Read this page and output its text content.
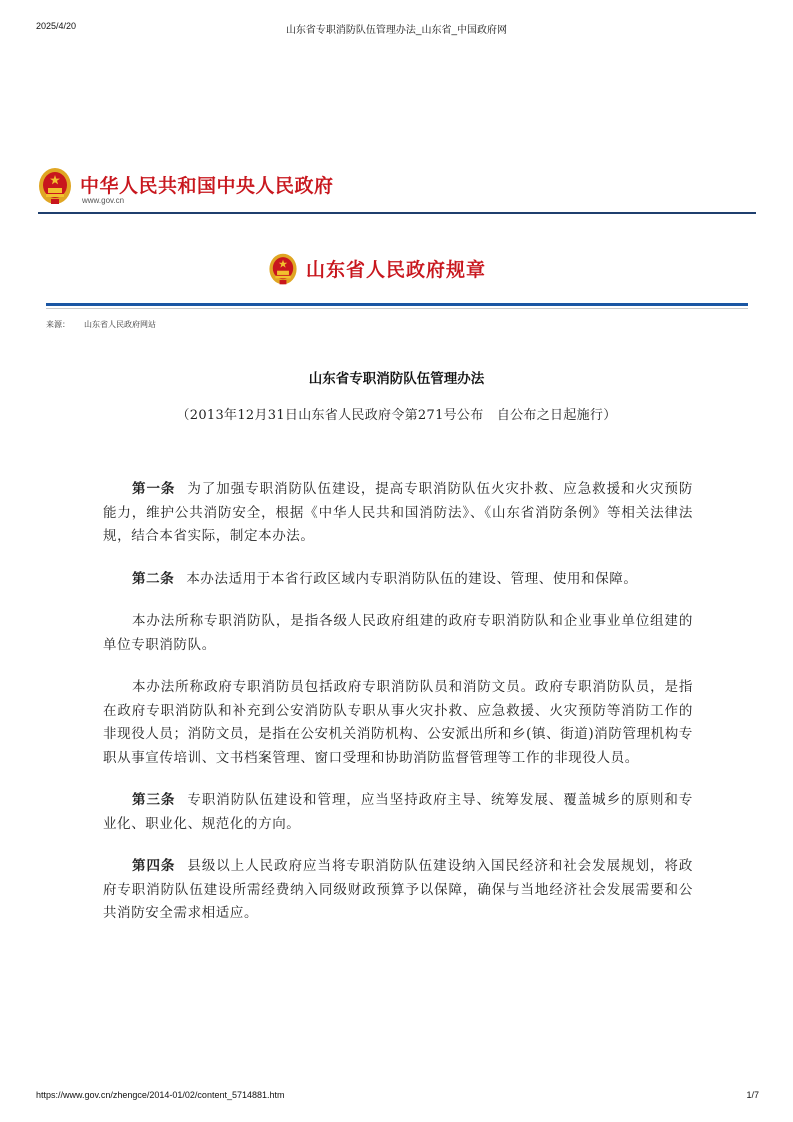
2025/4/20	山东省专职消防队伍管理办法_山东省_中国政府网
中华人民共和国中央人民政府
www.gov.cn
山东省人民政府规章
来源： 山东省人民政府网站
山东省专职消防队伍管理办法
（2013年12月31日山东省人民政府令第271号公布　自公布之日起施行）

第一条 为了加强专职消防队伍建设，提高专职消防队伍火灾扑救、应急救援和火灾预防能力，维护公共消防安全，根据《中华人民共和国消防法》、《山东省消防条例》等相关法律法规，结合本省实际，制定本办法。

第二条 本办法适用于本省行政区域内专职消防队伍的建设、管理、使用和保障。

本办法所称专职消防队，是指各级人民政府组建的政府专职消防队和企业事业单位组建的单位专职消防队。

本办法所称政府专职消防员包括政府专职消防队员和消防文员。政府专职消防队员，是指在政府专职消防队和补充到公安消防队专职从事火灾扑救、应急救援、火灾预防等消防工作的非现役人员；消防文员，是指在公安机关消防机构、公安派出所和乡(镇、街道)消防管理机构专职从事宣传培训、文书档案管理、窗口受理和协助消防监督管理等工作的非现役人员。

第三条 专职消防队伍建设和管理，应当坚持政府主导、统筹发展、覆盖城乡的原则和专业化、职业化、规范化的方向。

第四条 县级以上人民政府应当将专职消防队伍建设纳入国民经济和社会发展规划，将政府专职消防队伍建设所需经费纳入同级财政预算予以保障，确保与当地经济社会发展需要和公共消防安全需求相适应。

https://www.gov.cn/zhengce/2014-01/02/content_5714881.htm	1/7
